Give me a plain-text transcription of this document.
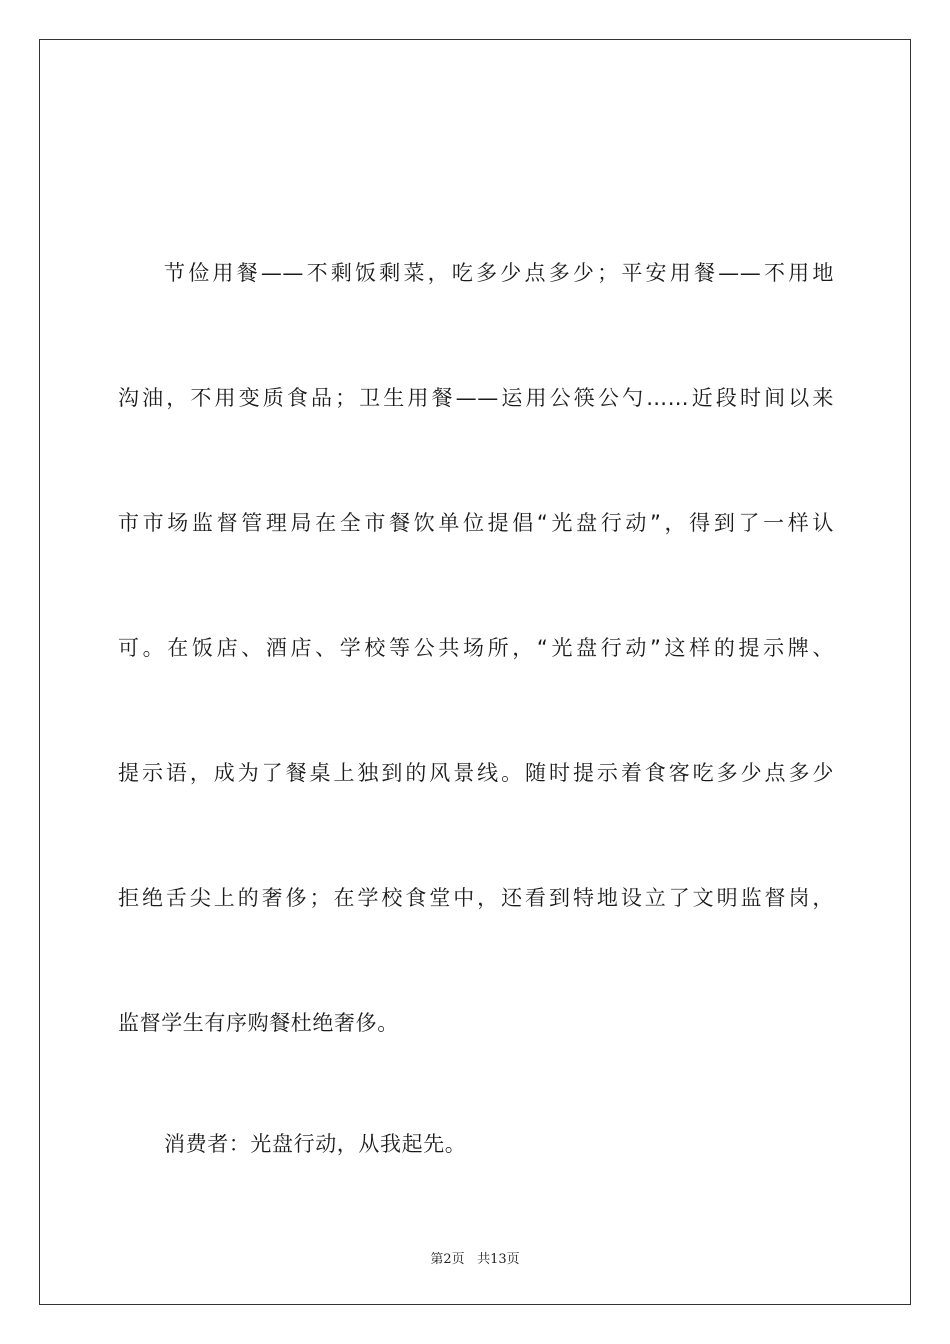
节俭用餐——不剩饭剩菜，吃多少点多少；平安用餐——不用地
沟油，不用变质食品；卫生用餐——运用公筷公勺……近段时间以来
市市场监督管理局在全市餐饮单位提倡“光盘行动”，得到了一样认
可。在饭店、酒店、学校等公共场所，“光盘行动”这样的提示牌、
提示语，成为了餐桌上独到的风景线。随时提示着食客吃多少点多少
拒绝舌尖上的奢侈；在学校食堂中，还看到特地设立了文明监督岗，
监督学生有序购餐杜绝奢侈。
消费者：光盘行动，从我起先。
第2页 共13页
